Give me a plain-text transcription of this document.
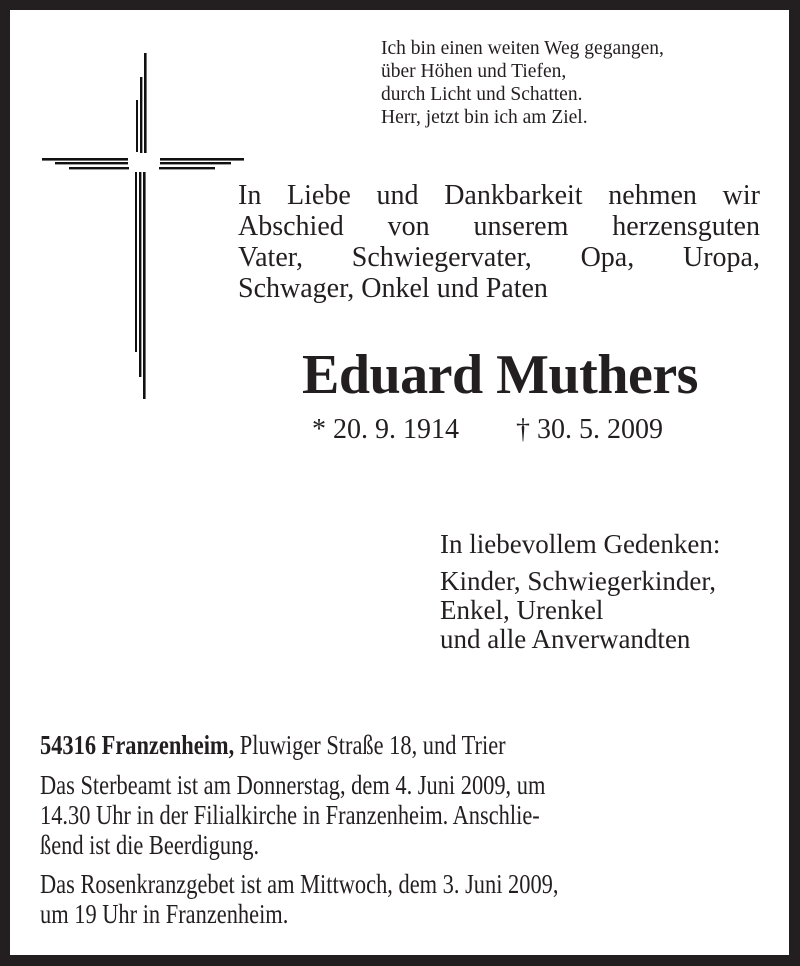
Ich bin einen weiten Weg gegangen,
über Höhen und Tiefen,
durch Licht und Schatten.
Herr, jetzt bin ich am Ziel.
In Liebe und Dankbarkeit nehmen wir
Abschied von unserem herzensguten
Vater, Schwiegervater, Opa, Uropa,
Schwager, Onkel und Paten
Eduard Muthers
* 20. 9. 1914 † 30. 5. 2009
In liebevollem Gedenken:
Kinder, Schwiegerkinder,
Enkel, Urenkel
und alle Anverwandten
54316 Franzenheim, Pluwiger Straße 18, und Trier
Das Sterbeamt ist am Donnerstag, dem 4. Juni 2009, um
14.30 Uhr in der Filialkirche in Franzenheim. Anschlie-
ßend ist die Beerdigung.
Das Rosenkranzgebet ist am Mittwoch, dem 3. Juni 2009,
um 19 Uhr in Franzenheim.
